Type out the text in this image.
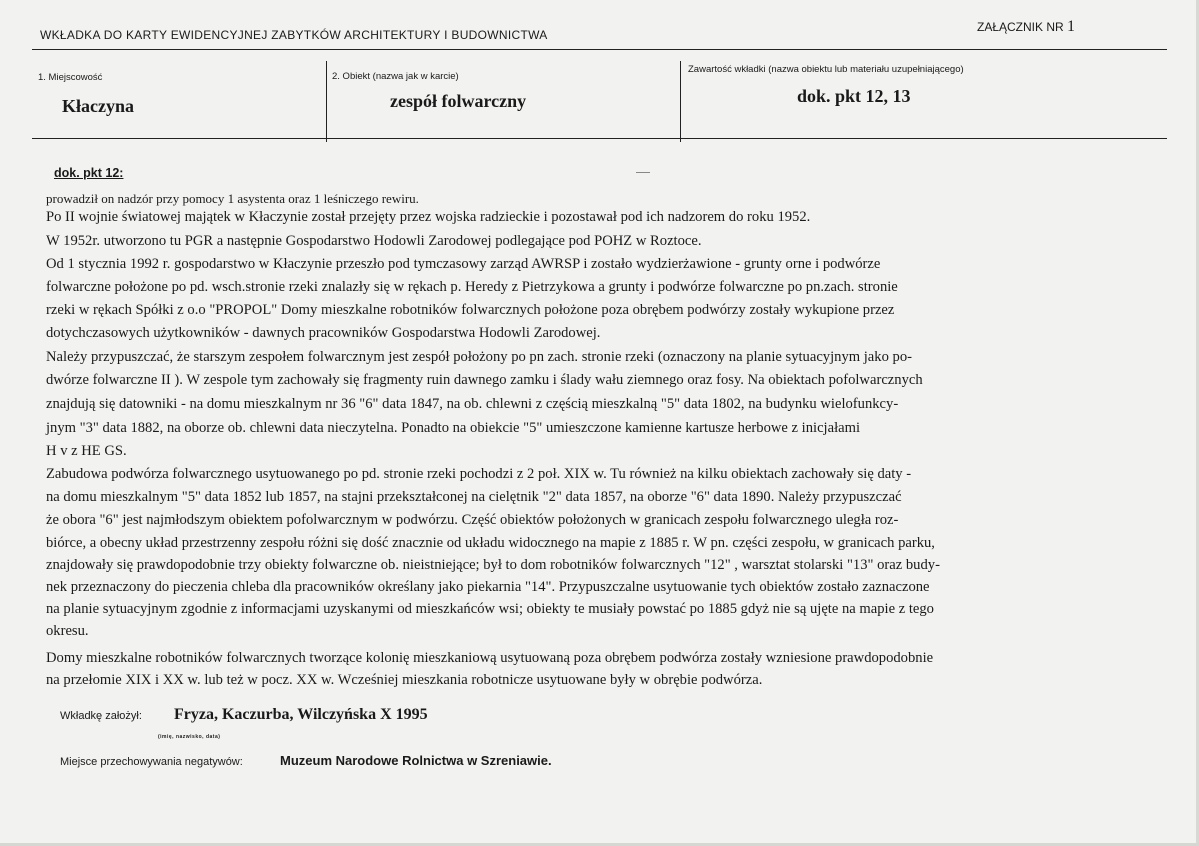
WKŁADKA DO KARTY EWIDENCYJNEJ ZABYTKÓW ARCHITEKTURY I BUDOWNICTWA
ZAŁĄCZNIK NR 1
1. Miejscowość
Kłaczyna
2. Obiekt (nazwa jak w karcie)
zespół folwarczny
Zawartość wkładki (nazwa obiektu lub materiału uzupełniającego)
dok. pkt 12, 13
dok. pkt 12:

prowadził on nadzór przy pomocy 1 asystenta oraz 1 leśniczego rewiru.

Po II wojnie światowej majątek w Kłaczynie został przejęty przez wojska radzieckie i pozostawał pod ich nadzorem do roku 1952.

W 1952r. utworzono tu PGR a następnie Gospodarstwo Hodowli Zarodowej podlegające pod POHZ w Roztoce.

Od 1 stycznia 1992 r. gospodarstwo w Kłaczynie przeszło pod tymczasowy zarząd AWRSP i zostało wydzierżawione - grunty orne i podwórze

folwarczne położone po pd. wsch.stronie rzeki znalazły się w rękach p. Heredy z Pietrzykowa a grunty i podwórze folwarczne po pn.zach. stronie

rzeki w rękach Spółki z o.o "PROPOL" Domy mieszkalne robotników folwarcznych położone poza obrębem podwórzy zostały wykupione przez

dotychczasowych użytkowników - dawnych pracowników Gospodarstwa Hodowli Zarodowej.

Należy przypuszczać, że starszym zespołem folwarcznym jest zespół położony po pn zach. stronie rzeki (oznaczony na planie sytuacyjnym jako po-

dwórze folwarczne II ). W zespole tym zachowały się fragmenty ruin dawnego zamku i ślady wału ziemnego oraz fosy. Na obiektach pofolwarcznych

znajdują się datowniki - na domu mieszkalnym nr 36 "6" data 1847, na ob. chlewni z częścią mieszkalną "5" data 1802, na budynku wielofunkcy-

jnym "3" data 1882, na oborze ob. chlewni data nieczytelna. Ponadto na obiekcie "5" umieszczone kamienne kartusze herbowe z inicjałami

H v z HE GS.

Zabudowa podwórza folwarcznego usytuowanego po pd. stronie rzeki pochodzi z 2 poł. XIX w. Tu również na kilku obiektach zachowały się daty -

na domu mieszkalnym "5" data 1852 lub 1857, na stajni przekształconej na cielętnik "2" data 1857, na oborze "6" data 1890. Należy przypuszczać

że obora "6" jest najmłodszym obiektem pofolwarcznym w podwórzu. Część obiektów położonych w granicach zespołu folwarcznego uległa roz-

biórce, a obecny układ przestrzenny zespołu różni się dość znacznie od układu widocznego na mapie z 1885 r. W pn. części zespołu, w granicach parku,

znajdowały się prawdopodobnie trzy obiekty folwarczne ob. nieistniejące; był to dom robotników folwarcznych "12" , warsztat stolarski "13" oraz budy-

nek przeznaczony do pieczenia chleba dla pracowników określany jako piekarnia "14". Przypuszczalne usytuowanie tych obiektów zostało zaznaczone

na planie sytuacyjnym zgodnie z informacjami uzyskanymi od mieszkańców wsi; obiekty te musiały powstać po 1885 gdyż nie są ujęte na mapie z tego

okresu.

Domy mieszkalne robotników folwarcznych tworzące kolonię mieszkaniową usytuowaną poza obrębem podwórza zostały wzniesione prawdopodobnie

na przełomie XIX i XX w. lub też w pocz. XX w. Wcześniej mieszkania robotnicze usytuowane były w obrębie podwórza.

Wkładkę założył: Fryza, Kaczurba, Wilczyńska X 1995
(imię, nazwisko, data)
Miejsce przechowywania negatywów:	Muzeum Narodowe Rolnictwa w Szreniawie.
